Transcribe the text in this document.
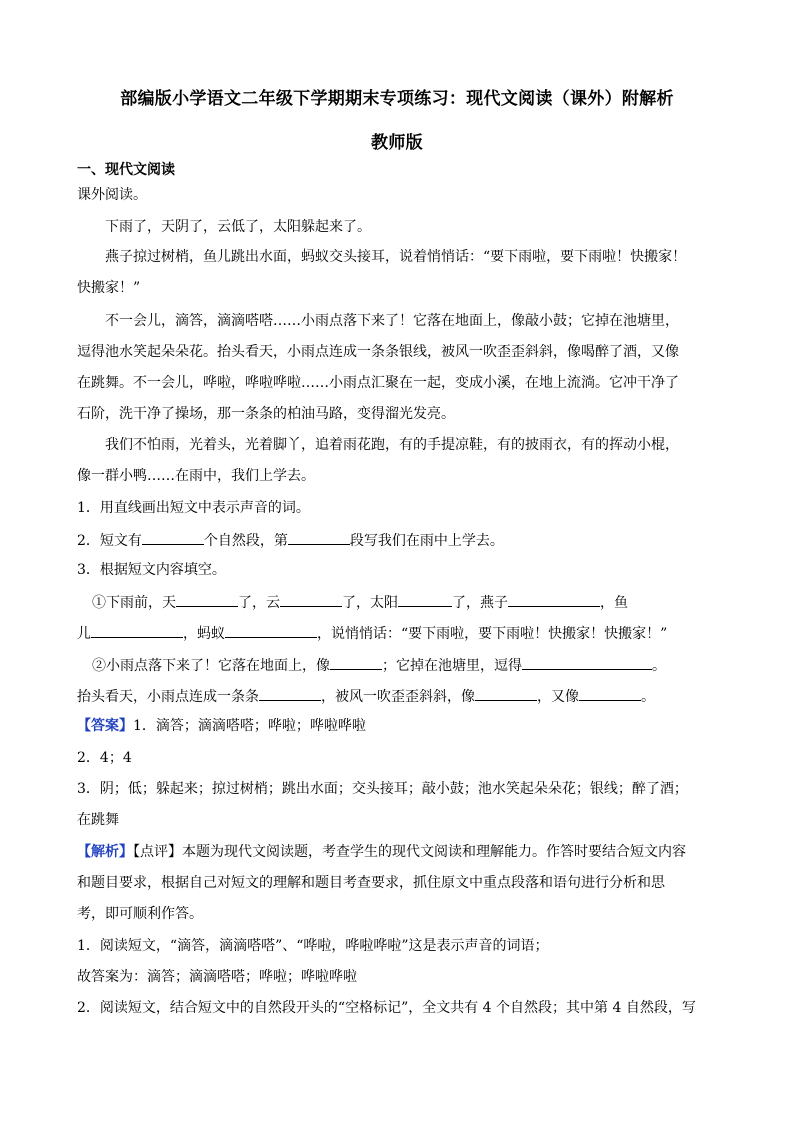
部编版小学语文二年级下学期期末专项练习：现代文阅读（课外）附解析
教师版
一、现代文阅读
课外阅读。
下雨了，天阴了，云低了，太阳躲起来了。
燕子掠过树梢，鱼儿跳出水面，蚂蚁交头接耳，说着悄悄话：“要下雨啦，要下雨啦！快搬家！
快搬家！”
不一会儿，滴答，滴滴嗒嗒……小雨点落下来了！它落在地面上，像敲小鼓；它掉在池塘里，
逗得池水笑起朵朵花。抬头看天，小雨点连成一条条银线，被风一吹歪歪斜斜，像喝醉了酒，又像
在跳舞。不一会儿，哗啦，哗啦哗啦……小雨点汇聚在一起，变成小溪，在地上流淌。它冲干净了
石阶，洗干净了操场，那一条条的柏油马路，变得溜光发亮。
我们不怕雨，光着头，光着脚丫，追着雨花跑，有的手提凉鞋，有的披雨衣，有的挥动小棍，
像一群小鸭……在雨中，我们上学去。
1．用直线画出短文中表示声音的词。
2．短文有	个自然段，第	段写我们在雨中上学去。
3．根据短文内容填空。
①下雨前，天	了，云	了，太阳	了，燕子	，鱼
儿	，蚂蚁	，说悄悄话：“要下雨啦，要下雨啦！快搬家！快搬家！”
②小雨点落下来了！它落在地面上，像	；它掉在池塘里，逗得	。
抬头看天，小雨点连成一条条	，被风一吹歪歪斜斜，像	，又像	。
【答案】1．滴答；滴滴嗒嗒；哗啦；哗啦哗啦
2．4；4
3．阴；低；躲起来；掠过树梢；跳出水面；交头接耳；敲小鼓；池水笑起朵朵花；银线；醉了酒；
在跳舞
【解析】【点评】本题为现代文阅读题，考查学生的现代文阅读和理解能力。作答时要结合短文内容
和题目要求，根据自己对短文的理解和题目考查要求，抓住原文中重点段落和语句进行分析和思
考，即可顺利作答。
1．阅读短文，“滴答，滴滴嗒嗒”、“哗啦，哗啦哗啦”这是表示声音的词语；
故答案为：滴答；滴滴嗒嗒；哗啦；哗啦哗啦
2．阅读短文，结合短文中的自然段开头的“空格标记”，全文共有 4 个自然段；其中第 4 自然段，写
